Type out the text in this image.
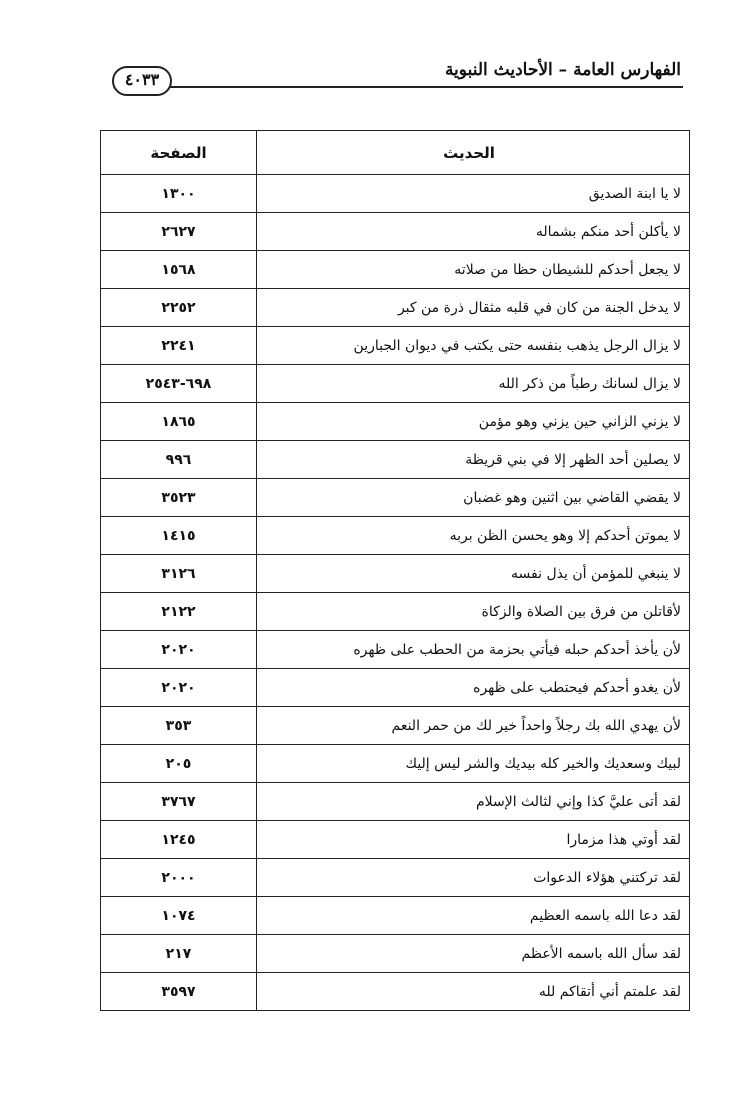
الفهارس العامة – الأحاديث النبوية
٤٠٣٣
الحديث	الصفحة
لا يا ابنة الصديق	١٣٠٠
لا يأكلن أحد منكم بشماله	٢٦٢٧
لا يجعل أحدكم للشيطان حظا من صلاته	١٥٦٨
لا يدخل الجنة من كان في قلبه مثقال ذرة من كبر	٢٢٥٢
لا يزال الرجل يذهب بنفسه حتى يكتب في ديوان الجبارين	٢٢٤١
لا يزال لسانك رطباً من ذكر الله	٦٩٨-٢٥٤٣
لا يزني الزاني حين يزني وهو مؤمن	١٨٦٥
لا يصلين أحد الظهر إلا في بني قريظة	٩٩٦
لا يقضي القاضي بين اثنين وهو غضبان	٣٥٢٣
لا يموتن أحدكم إلا وهو يحسن الظن بربه	١٤١٥
لا ينبغي للمؤمن أن يذل نفسه	٣١٢٦
لأقاتلن من فرق بين الصلاة والزكاة	٢١٢٢
لأن يأخذ أحدكم حبله فيأتي بحزمة من الحطب على ظهره	٢٠٢٠
لأن يغدو أحدكم فيحتطب على ظهره	٢٠٢٠
لأن يهدي الله بك رجلاً واحداً خير لك من حمر النعم	٣٥٣
لبيك وسعديك والخير كله بيديك والشر ليس إليك	٢٠٥
لقد أتى عليَّ كذا وإني لثالث الإسلام	٣٧٦٧
لقد أوتي هذا مزمارا	١٢٤٥
لقد تركتني هؤلاء الدعوات	٢٠٠٠
لقد دعا الله باسمه العظيم	١٠٧٤
لقد سأل الله باسمه الأعظم	٢١٧
لقد علمتم أني أتقاكم لله	٣٥٩٧
